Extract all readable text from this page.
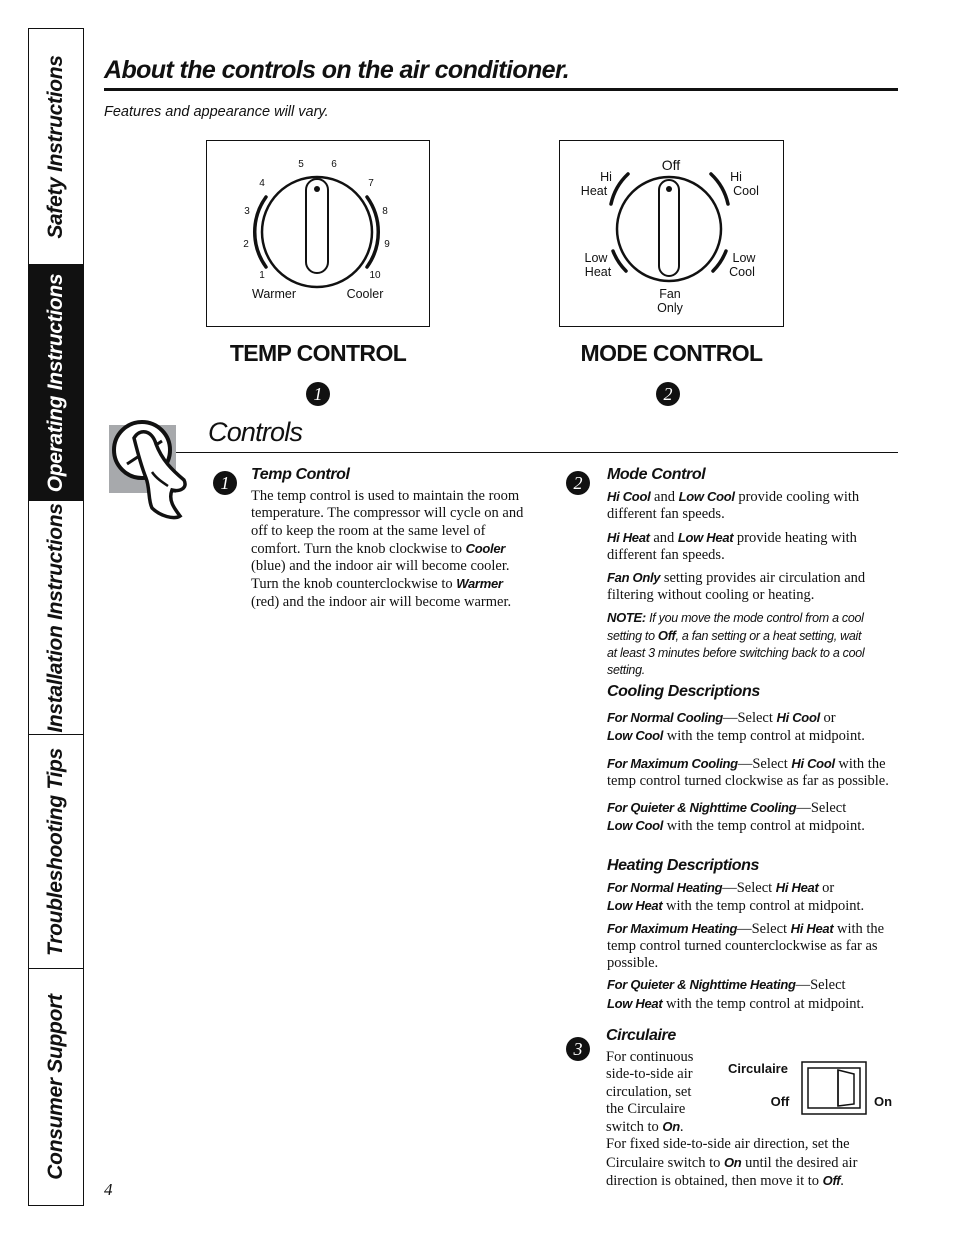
Safety Instructions
Operating Instructions
Installation Instructions
Troubleshooting Tips
Consumer Support
About the controls on the air conditioner.
Features and appearance will vary.
1
2
3
4
5	6
7
8
9
10
Warmer	Cooler
TEMP CONTROL
1
Off
Hi
Heat
Hi
Cool
Low
Heat
Low
Cool
Fan
Only
MODE CONTROL
2
Controls
1	Temp Control
The temp control is used to maintain the room temperature. The compressor will cycle on and off to keep the room at the same level of comfort. Turn the knob clockwise to Cooler (blue) and the indoor air will become cooler. Turn the knob counterclockwise to Warmer (red) and the indoor air will become warmer.
2	Mode Control
Hi Cool and Low Cool provide cooling with different fan speeds.
Hi Heat and Low Heat provide heating with different fan speeds.
Fan Only setting provides air circulation and filtering without cooling or heating.
NOTE: If you move the mode control from a cool setting to Off, a fan setting or a heat setting, wait at least 3 minutes before switching back to a cool setting.
Cooling Descriptions
For Normal Cooling—Select Hi Cool or
Low Cool with the temp control at midpoint.
For Maximum Cooling—Select Hi Cool with the temp control turned clockwise as far as possible.
For Quieter & Nighttime Cooling—Select
Low Cool with the temp control at midpoint.
Heating Descriptions
For Normal Heating—Select Hi Heat or
Low Heat with the temp control at midpoint.
For Maximum Heating—Select Hi Heat with the temp control turned counterclockwise as far as possible.
For Quieter & Nighttime Heating—Select
Low Heat with the temp control at midpoint.
3
Circulaire
For continuous
side-to-side air
circulation, set
the Circulaire
switch to On.
For fixed side-to-side air direction, set the Circulaire switch to On until the desired air direction is obtained, then move it to Off.
Circulaire
Off	On
4
